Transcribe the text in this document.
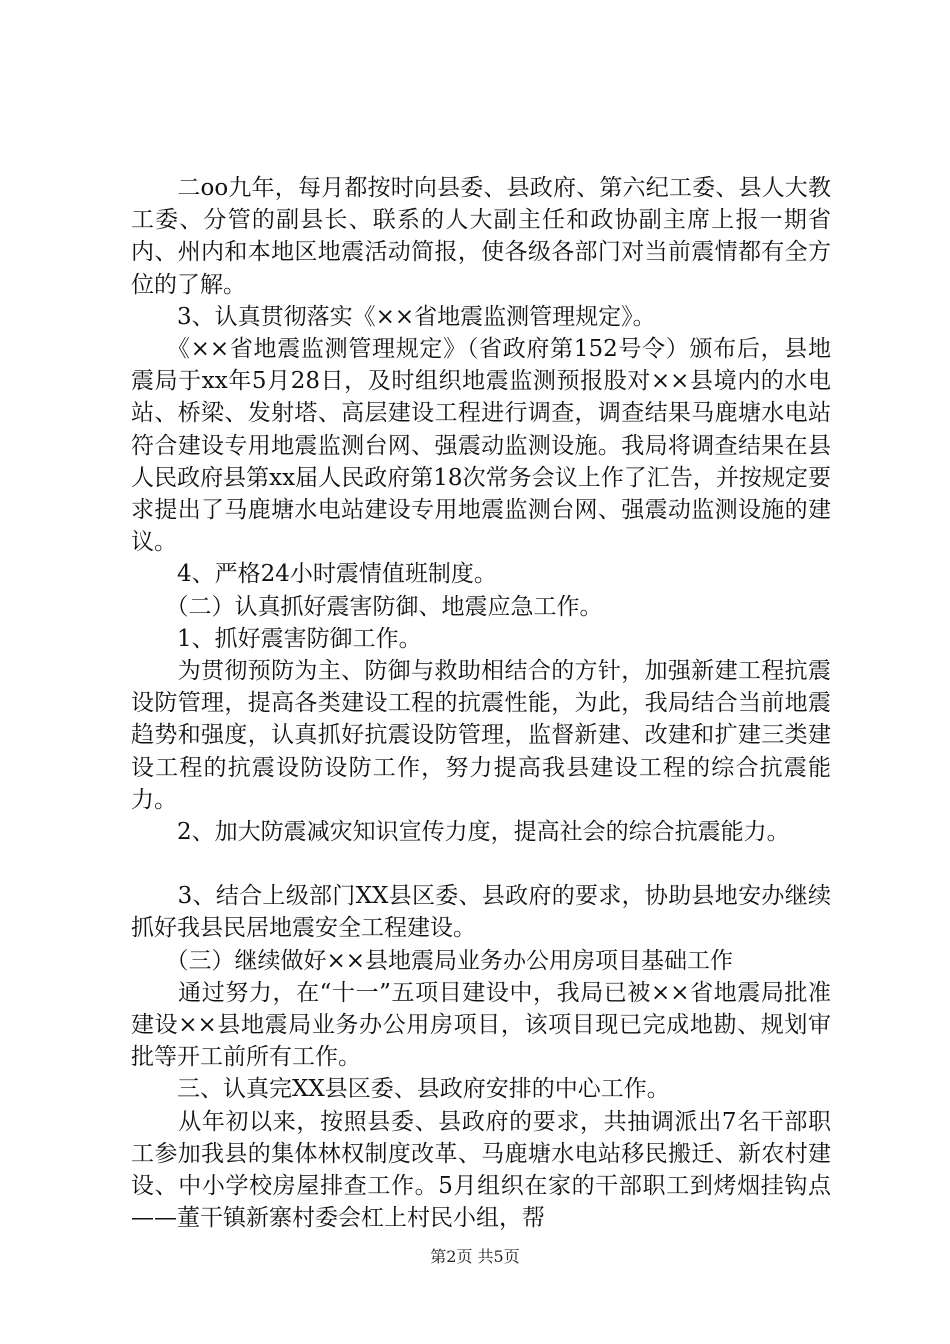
　　二oo九年，每月都按时向县委、县政府、第六纪工委、县人大教工委、分管的副县长、联系的人大副主任和政协副主席上报一期省内、州内和本地区地震活动简报，使各级各部门对当前震情都有全方位的了解。

　　3、认真贯彻落实《××省地震监测管理规定》。

　　《××省地震监测管理规定》（省政府第152号令）颁布后，县地震局于xx年5月28日，及时组织地震监测预报股对××县境内的水电站、桥梁、发射塔、高层建设工程进行调查，调查结果马鹿塘水电站符合建设专用地震监测台网、强震动监测设施。我局将调查结果在县人民政府县第xx届人民政府第18次常务会议上作了汇告，并按规定要求提出了马鹿塘水电站建设专用地震监测台网、强震动监测设施的建议。

　　4、严格24小时震情值班制度。

　　（二）认真抓好震害防御、地震应急工作。

　　1、抓好震害防御工作。

　　为贯彻预防为主、防御与救助相结合的方针，加强新建工程抗震设防管理，提高各类建设工程的抗震性能，为此，我局结合当前地震趋势和强度，认真抓好抗震设防管理，监督新建、改建和扩建三类建设工程的抗震设防设防工作，努力提高我县建设工程的综合抗震能力。

　　2、加大防震减灾知识宣传力度，提高社会的综合抗震能力。

　　3、结合上级部门XX县区委、县政府的要求，协助县地安办继续抓好我县民居地震安全工程建设。

　　（三）继续做好××县地震局业务办公用房项目基础工作

　　通过努力，在“十一”五项目建设中，我局已被××省地震局批准建设××县地震局业务办公用房项目，该项目现已完成地勘、规划审批等开工前所有工作。

　　三、认真完XX县区委、县政府安排的中心工作。

　　从年初以来，按照县委、县政府的要求，共抽调派出7名干部职工参加我县的集体林权制度改革、马鹿塘水电站移民搬迁、新农村建设、中小学校房屋排查工作。5月组织在家的干部职工到烤烟挂钩点——董干镇新寨村委会杠上村民小组，帮

第2页 共5页
